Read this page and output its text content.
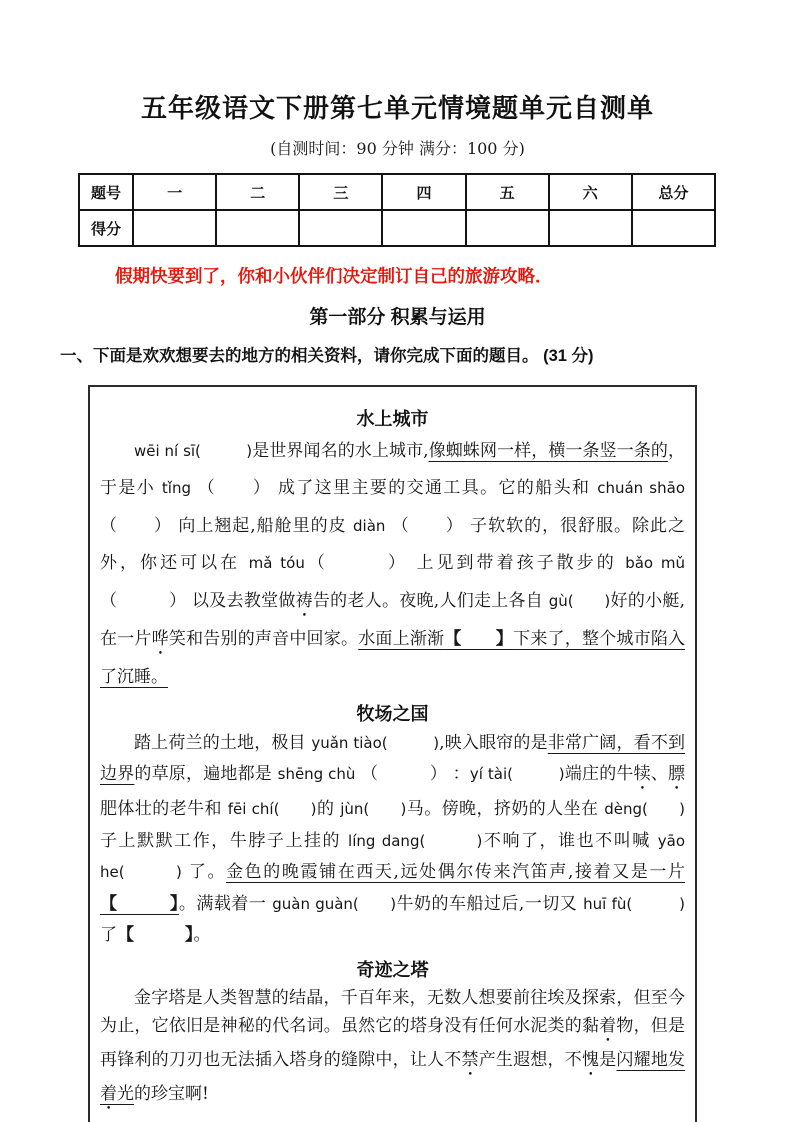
五年级语文下册第七单元情境题单元自测单
(自测时间：90 分钟 满分：100 分)
题号	一	二	三	四	五	六	总分
得分							
假期快要到了，你和小伙伴们决定制订自己的旅游攻略．
第一部分 积累与运用
一、下面是欢欢想要去的地方的相关资料，请你完成下面的题目。 (31 分)
水上城市

wēi ní sī(　　　)是世界闻名的水上城市,像蜘蛛网一样，横一条竖一条的，于是小 tǐng （　　） 成了这里主要的交通工具。它的船头和 chuán shāo （　　） 向上翘起,船舱里的皮 diàn （　　） 子软软的，很舒服。除此之外，你还可以在 mǎ tóu（　　　） 上见到带着孩子散步的 bǎo mǔ （　　　） 以及去教堂做祷告的老人。夜晚,人们走上各自 gù(　　)好的小艇,在一片哗笑和告别的声音中回家。水面上渐渐【　　】下来了，整个城市陷入了沉睡。

牧场之国

踏上荷兰的土地，极目 yuǎn tiào(　　　),映入眼帘的是非常广阔，看不到边界的草原，遍地都是 shēng chù （　　　） ：yí tài(　　　)端庄的牛犊、膘肥体壮的老牛和 fēi chí(　　)的 jùn(　　)马。傍晚，挤奶的人坐在 dèng(　　)子上默默工作，牛脖子上挂的 líng dang(　　　)不响了，谁也不叫喊 yāo he(　　　) 了。金色的晚霞铺在西天,远处偶尔传来汽笛声,接着又是一片【　　　】。满载着一 guàn guàn(　　)牛奶的车船过后,一切又 huī fù(　　　)了【　　　】。

奇迹之塔

金字塔是人类智慧的结晶，千百年来，无数人想要前往埃及探索，但至今为止，它依旧是神秘的代名词。虽然它的塔身没有任何水泥类的黏着物，但是再锋利的刀刃也无法插入塔身的缝隙中，让人不禁产生遐想，不愧是闪耀地发着光的珍宝啊!
